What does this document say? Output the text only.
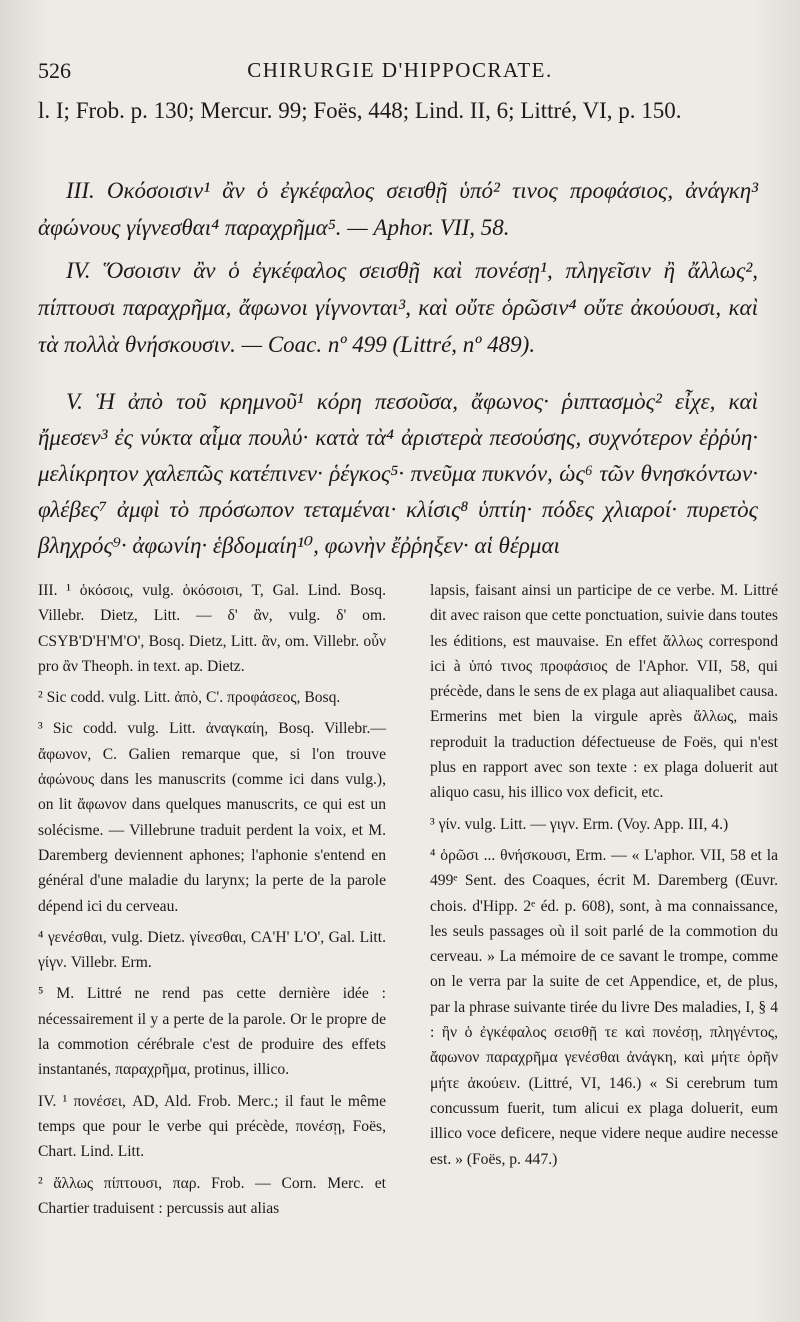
526	CHIRURGIE D'HIPPOCRATE.

l. I; Frob. p. 130; Mercur. 99; Foës, 448; Lind. II, 6; Littré, VI, p. 150.

III. Οκόσοισιν¹ ἂν ὁ ἐγκέφαλος σεισθῇ ὑπό² τινος προφάσιος, ἀνάγκη³ ἀφώνους γίγνεσθαι⁴ παραχρῆμα⁵. — Aphor. VII, 58.

IV. Ὅσοισιν ἂν ὁ ἐγκέφαλος σεισθῇ καὶ πονέσῃ¹, πληγεῖσιν ἢ ἄλλως², πίπτουσι παραχρῆμα, ἄφωνοι γίγνονται³, καὶ οὔτε ὁρῶσιν⁴ οὔτε ἀκούουσι, καὶ τὰ πολλὰ θνήσκουσιν. — Coac. nº 499 (Littré, nº 489).

V. Ἡ ἀπὸ τοῦ κρημνοῦ¹ κόρη πεσοῦσα, ἄφωνος· ῥιπτασμὸς² εἶχε, καὶ ἤμεσεν³ ἐς νύκτα αἷμα πουλύ· κατὰ τὰ⁴ ἀριστερὰ πεσούσης, συχνότερον ἐῤῥύη· μελίκρητον χαλεπῶς κατέπινεν· ῥέγκος⁵· πνεῦμα πυκνόν, ὡς⁶ τῶν θνησκόντων· φλέβες⁷ ἀμφὶ τὸ πρόσωπον τεταμέναι· κλίσις⁸ ὑπτίη· πόδες χλιαροί· πυρετὸς βληχρός⁹· ἀφωνίη· ἑβδομαίη¹⁰, φωνὴν ἔῤῥηξεν· αἱ θέρμαι

III. ¹ ὁκόσοις, vulg. ὁκόσοισι, T, Gal. Lind. Bosq. Villebr. Dietz, Litt. — δ' ἂν, vulg. δ' om. CSYB'D'H'M'O', Bosq. Dietz, Litt. ἂν, om. Villebr. οὖν pro ἂν Theoph. in text. ap. Dietz.

² Sic codd. vulg. Litt. ἀπὸ, C'. προφάσεος, Bosq.

³ Sic codd. vulg. Litt. ἀναγκαίη, Bosq. Villebr.—ἄφωνον, C. Galien remarque que, si l'on trouve ἀφώνους dans les manuscrits (comme ici dans vulg.), on lit ἄφωνον dans quelques manuscrits, ce qui est un solécisme. — Villebrune traduit perdent la voix, et M. Daremberg deviennent aphones; l'aphonie s'entend en général d'une maladie du larynx; la perte de la parole dépend ici du cerveau.

⁴ γενέσθαι, vulg. Dietz. γίνεσθαι, CA'H' L'O', Gal. Litt. γίγν. Villebr. Erm.

⁵ M. Littré ne rend pas cette dernière idée : nécessairement il y a perte de la parole. Or le propre de la commotion cérébrale c'est de produire des effets instantanés, παραχρῆμα, protinus, illico.

IV. ¹ πονέσει, AD, Ald. Frob. Merc.; il faut le même temps que pour le verbe qui précède, πονέσῃ, Foës, Chart. Lind. Litt.

² ἄλλως πίπτουσι, παρ. Frob. — Corn. Merc. et Chartier traduisent : percussis aut alias

lapsis, faisant ainsi un participe de ce verbe. M. Littré dit avec raison que cette ponctuation, suivie dans toutes les éditions, est mauvaise. En effet ἄλλως correspond ici à ὑπό τινος προφάσιος de l'Aphor. VII, 58, qui précède, dans le sens de ex plaga aut aliaqualibet causa. Ermerins met bien la virgule après ἄλλως, mais reproduit la traduction défectueuse de Foës, qui n'est plus en rapport avec son texte : ex plaga doluerit aut aliquo casu, his illico vox deficit, etc.

³ γίν. vulg. Litt. — γιγν. Erm. (Voy. App. III, 4.)

⁴ ὁρῶσι ... θνήσκουσι, Erm. — « L'aphor. VII, 58 et la 499ᵉ Sent. des Coaques, écrit M. Daremberg (Œuvr. chois. d'Hipp. 2ᵉ éd. p. 608), sont, à ma connaissance, les seuls passages où il soit parlé de la commotion du cerveau. » La mémoire de ce savant le trompe, comme on le verra par la suite de cet Appendice, et, de plus, par la phrase suivante tirée du livre Des maladies, I, § 4 : ἢν ὁ ἐγκέφαλος σεισθῇ τε καὶ πονέσῃ, πληγέντος, ἄφωνον παραχρῆμα γενέσθαι ἀνάγκη, καὶ μήτε ὁρῆν μήτε ἀκούειν. (Littré, VI, 146.) « Si cerebrum tum concussum fuerit, tum alicui ex plaga doluerit, eum illico voce deficere, neque videre neque audire necesse est. » (Foës, p. 447.)
